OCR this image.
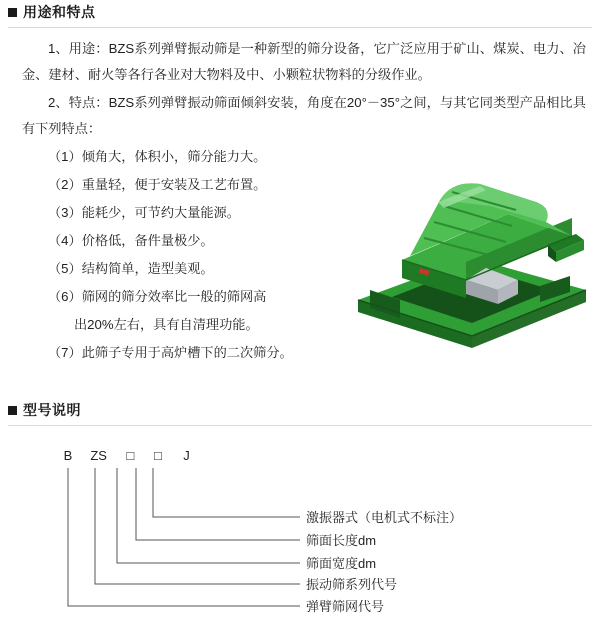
用途和特点
1、用途：BZS系列弹臂振动筛是一种新型的筛分设备，它广泛应用于矿山、煤炭、电力、冶金、建材、耐火等各行各业对大物料及中、小颗粒状物料的分级作业。
2、特点：BZS系列弹臂振动筛面倾斜安装，角度在20°－35°之间，与其它同类型产品相比具有下列特点：
（1）倾角大，体积小，筛分能力大。
（2）重量轻，便于安装及工艺布置。
（3）能耗少，可节约大量能源。
（4）价格低，备件量极少。
（5）结构简单，造型美观。
（6）筛网的筛分效率比一般的筛网高
出20%左右，具有自清理功能。
（7）此筛子专用于高炉槽下的二次筛分。
型号说明
B ZS □ □ J
激振器式（电机式不标注）
筛面长度dm
筛面宽度dm
振动筛系列代号
弹臂筛网代号
